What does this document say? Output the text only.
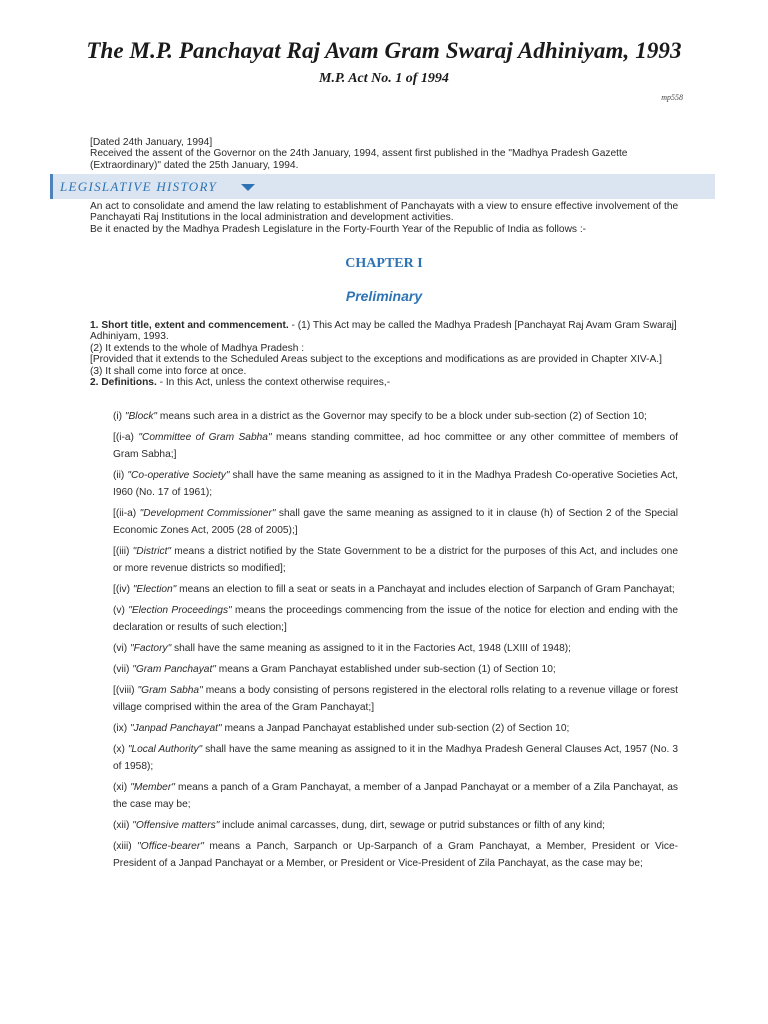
The M.P. Panchayat Raj Avam Gram Swaraj Adhiniyam, 1993
M.P. Act No. 1 of 1994
mp558

[Dated 24th January, 1994]

Received the assent of the Governor on the 24th January, 1994, assent first published in the "Madhya Pradesh Gazette (Extraordinary)" dated the 25th January, 1994.

LEGISLATIVE HISTORY

An act to consolidate and amend the law relating to establishment of Panchayats with a view to ensure effective involvement of the Panchayati Raj Institutions in the local administration and development activities.

Be it enacted by the Madhya Pradesh Legislature in the Forty-Fourth Year of the Republic of India as follows :-

CHAPTER I
Preliminary

1. Short title, extent and commencement. - (1) This Act may be called the Madhya Pradesh [Panchayat Raj Avam Gram Swaraj] Adhiniyam, 1993.

(2) It extends to the whole of Madhya Pradesh :

[Provided that it extends to the Scheduled Areas subject to the exceptions and modifications as are provided in Chapter XIV-A.]

(3) It shall come into force at once.

2. Definitions. - In this Act, unless the context otherwise requires,-

(i) "Block" means such area in a district as the Governor may specify to be a block under sub-section (2) of Section 10;

[(i-a) "Committee of Gram Sabha" means standing committee, ad hoc committee or any other committee of members of Gram Sabha;]

(ii) "Co-operative Society" shall have the same meaning as assigned to it in the Madhya Pradesh Co-operative Societies Act, I960 (No. 17 of 1961);

[(ii-a) "Development Commissioner" shall gave the same meaning as assigned to it in clause (h) of Section 2 of the Special Economic Zones Act, 2005 (28 of 2005);]

[(iii) "District" means a district notified by the State Government to be a district for the purposes of this Act, and includes one or more revenue districts so modified];

[(iv) "Election" means an election to fill a seat or seats in a Panchayat and includes election of Sarpanch of Gram Panchayat;

(v) "Election Proceedings" means the proceedings commencing from the issue of the notice for election and ending with the declaration or results of such election;]

(vi) "Factory" shall have the same meaning as assigned to it in the Factories Act, 1948 (LXIII of 1948);

(vii) "Gram Panchayat" means a Gram Panchayat established under sub-section (1) of Section 10;

[(viii) "Gram Sabha" means a body consisting of persons registered in the electoral rolls relating to a revenue village or forest village comprised within the area of the Gram Panchayat;]

(ix) "Janpad Panchayat" means a Janpad Panchayat established under sub-section (2) of Section 10;

(x) "Local Authority" shall have the same meaning as assigned to it in the Madhya Pradesh General Clauses Act, 1957 (No. 3 of 1958);

(xi) "Member" means a panch of a Gram Panchayat, a member of a Janpad Panchayat or a member of a Zila Panchayat, as the case may be;

(xii) "Offensive matters" include animal carcasses, dung, dirt, sewage or putrid substances or filth of any kind;

(xiii) "Office-bearer" means a Panch, Sarpanch or Up-Sarpanch of a Gram Panchayat, a Member, President or Vice-President of a Janpad Panchayat or a Member, or President or Vice-President of Zila Panchayat, as the case may be;
